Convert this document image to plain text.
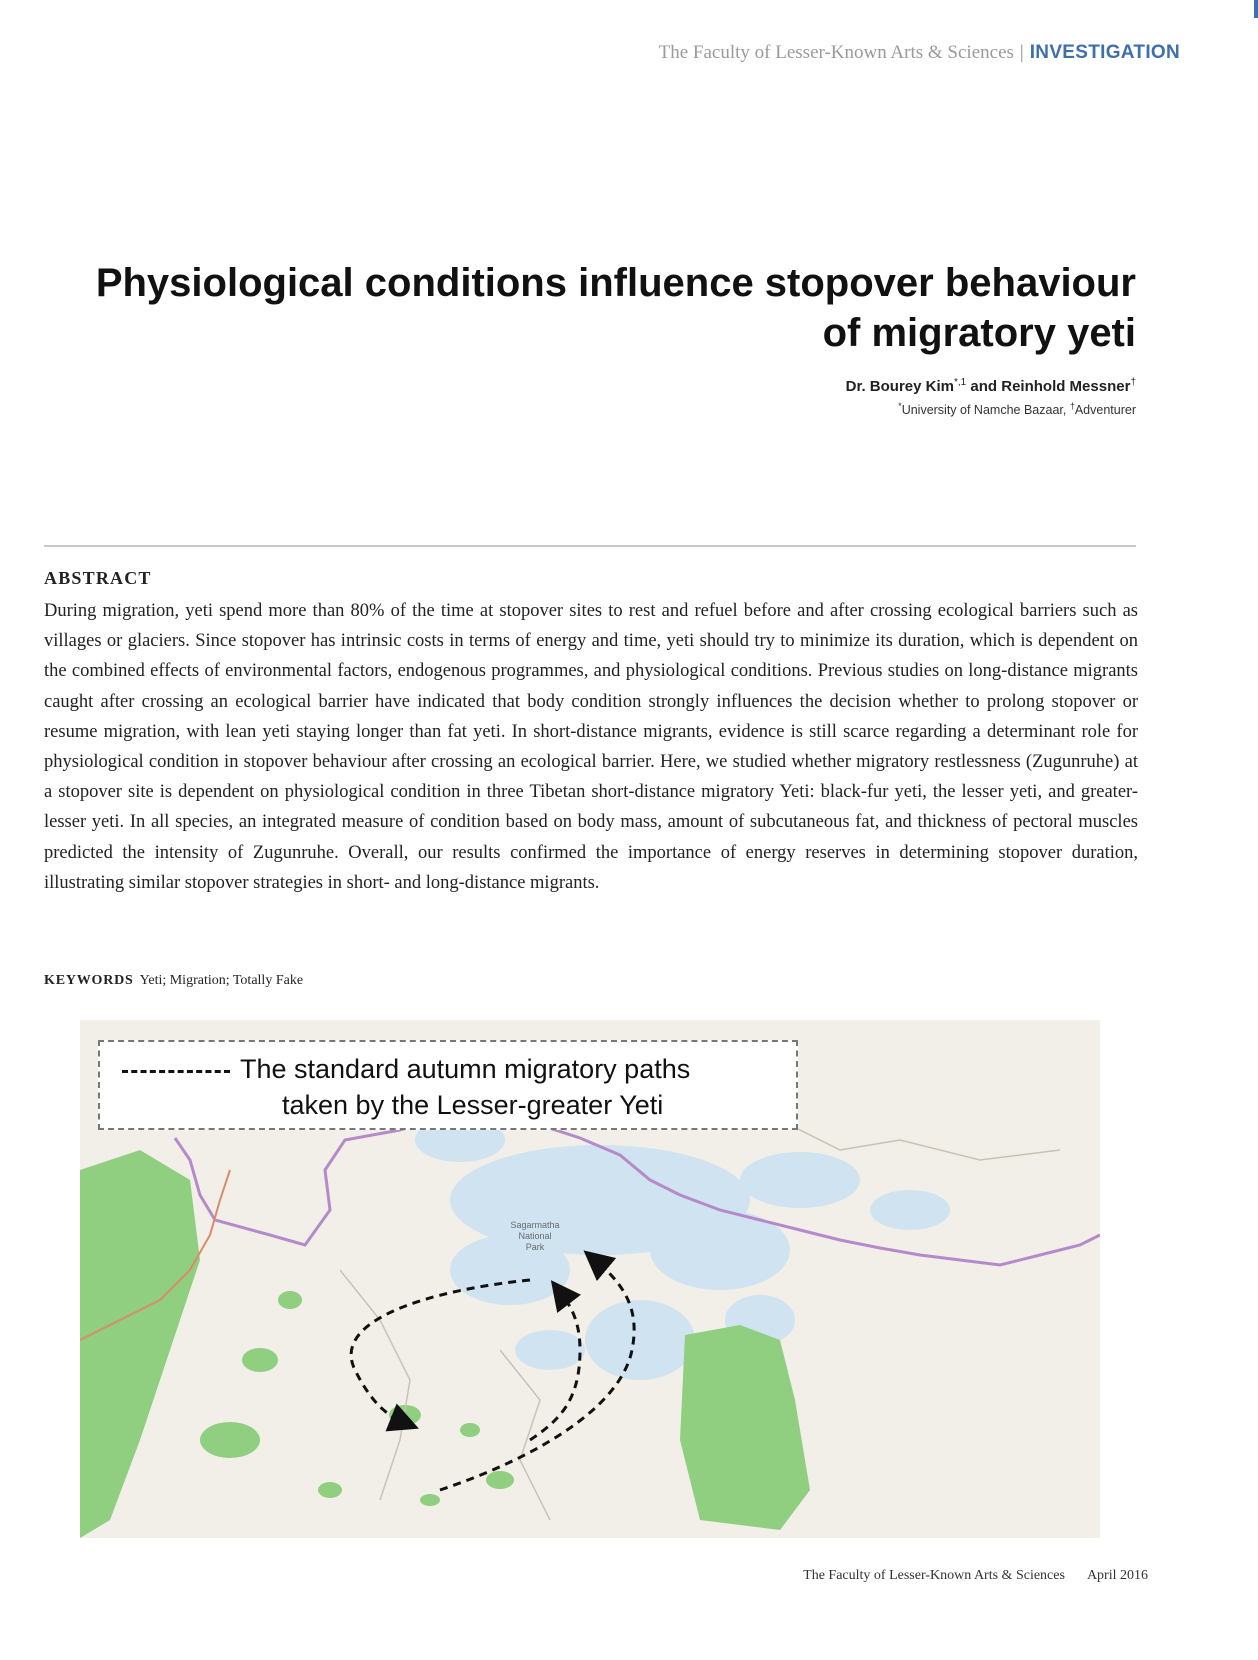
The Faculty of Lesser-Known Arts & Sciences | INVESTIGATION
Physiological conditions influence stopover behaviour
of migratory yeti
Dr. Bourey Kim$^{*,1}$ and Reinhold Messner†
*University of Namche Bazaar, †Adventurer
ABSTRACT

During migration, yeti spend more than 80% of the time at stopover sites to rest and refuel before and after crossing ecological barriers such as villages or glaciers. Since stopover has intrinsic costs in terms of energy and time, yeti should try to minimize its duration, which is dependent on the combined effects of environmental factors, endogenous programmes, and physiological conditions. Previous studies on long-distance migrants caught after crossing an ecological barrier have indicated that body condition strongly influences the decision whether to prolong stopover or resume migration, with lean yeti staying longer than fat yeti. In short-distance migrants, evidence is still scarce regarding a determinant role for physiological condition in stopover behaviour after crossing an ecological barrier. Here, we studied whether migratory restlessness (Zugunruhe) at a stopover site is dependent on physiological condition in three Tibetan short-distance migratory Yeti: black-fur yeti, the lesser yeti, and greater-lesser yeti. In all species, an integrated measure of condition based on body mass, amount of subcutaneous fat, and thickness of pectoral muscles predicted the intensity of Zugunruhe. Overall, our results confirmed the importance of energy reserves in determining stopover duration, illustrating similar stopover strategies in short- and long-distance migrants.

KEYWORDS Yeti; Migration; Totally Fake
Sagarmatha
National
Park
The standard autumn migratory paths
taken by the Lesser-greater Yeti
The Faculty of Lesser-Known Arts & Sciences April 2016
